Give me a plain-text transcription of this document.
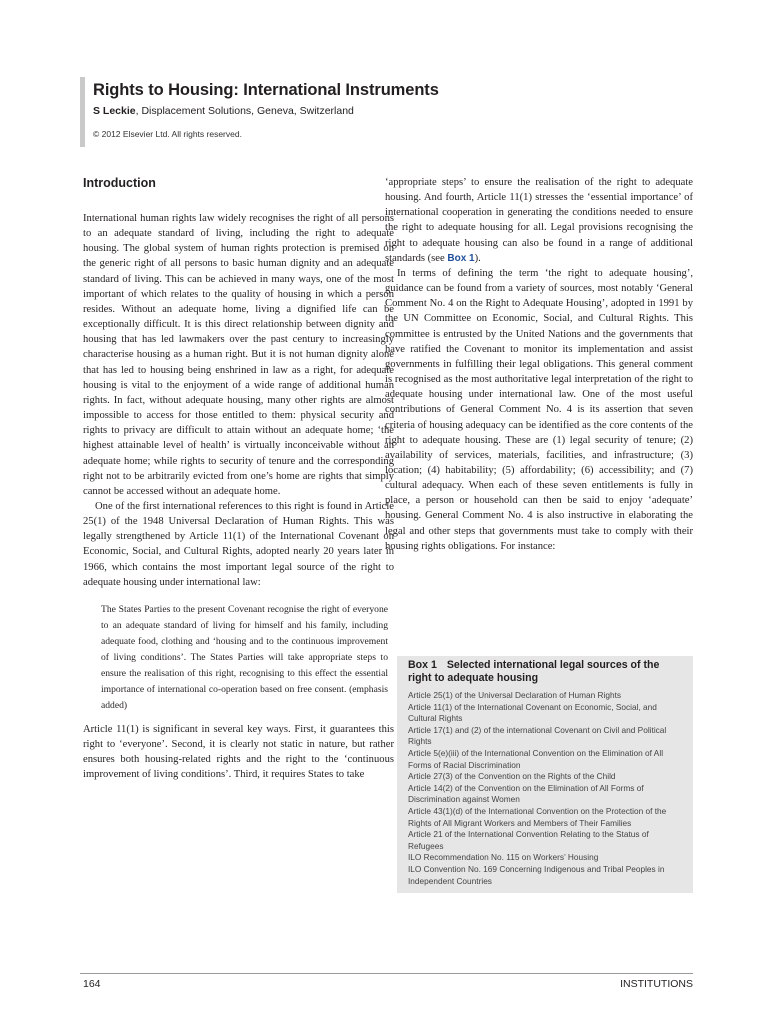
Rights to Housing: International Instruments
S Leckie, Displacement Solutions, Geneva, Switzerland
© 2012 Elsevier Ltd. All rights reserved.
Introduction

International human rights law widely recognises the right of all persons to an adequate standard of living, including the right to adequate housing. The global system of human rights protection is premised on the generic right of all persons to basic human dignity and an adequate standard of living. This can be achieved in many ways, one of the most important of which relates to the quality of housing in which a person resides. Without an adequate home, living a dignified life can be exceptionally difficult. It is this direct relationship between dignity and housing that has led lawmakers over the past century to increasingly characterise housing as a human right. But it is not human dignity alone that has led to housing being enshrined in law as a right, for adequate housing is vital to the enjoyment of a wide range of additional human rights. In fact, without adequate housing, many other rights are almost impossible to access for those entitled to them: physical security and rights to privacy are difficult to attain without an adequate home; ‘the highest attainable level of health’ is virtually inconceivable without an adequate home; while rights to security of tenure and the corresponding right not to be arbitrarily evicted from one’s home are rights that simply cannot be accessed without an adequate home.

One of the first international references to this right is found in Article 25(1) of the 1948 Universal Declaration of Human Rights. This was legally strengthened by Article 11(1) of the International Covenant on Economic, Social, and Cultural Rights, adopted nearly 20 years later in 1966, which contains the most important legal source of the right to adequate housing under international law:

The States Parties to the present Covenant recognise the right of everyone to an adequate standard of living for himself and his family, including adequate food, clothing and ‘housing and to the continuous improvement of living conditions’. The States Parties will take appropriate steps to ensure the realisation of this right, recognising to this effect the essential importance of international co-operation based on free consent. (emphasis added)

Article 11(1) is significant in several key ways. First, it guarantees this right to ‘everyone’. Second, it is clearly not static in nature, but rather ensures both housing-related rights and the right to the ‘continuous improvement of living conditions’. Third, it requires States to take

‘appropriate steps’ to ensure the realisation of the right to adequate housing. And fourth, Article 11(1) stresses the ‘essential importance’ of international cooperation in generating the conditions needed to ensure the right to adequate housing for all. Legal provisions recognising the right to adequate housing can also be found in a range of additional standards (see Box 1).

In terms of defining the term ‘the right to adequate housing’, guidance can be found from a variety of sources, most notably ‘General Comment No. 4 on the Right to Adequate Housing’, adopted in 1991 by the UN Committee on Economic, Social, and Cultural Rights. This committee is entrusted by the United Nations and the governments that have ratified the Covenant to monitor its implementation and assist governments in fulfilling their legal obligations. This general comment is recognised as the most authoritative legal interpretation of the right to adequate housing under international law. One of the most useful contributions of General Comment No. 4 is its assertion that seven criteria of housing adequacy can be identified as the core contents of the right to adequate housing. These are (1) legal security of tenure; (2) availability of services, materials, facilities, and infrastructure; (3) location; (4) habitability; (5) affordability; (6) accessibility; and (7) cultural adequacy. When each of these seven entitlements is fully in place, a person or household can then be said to enjoy ‘adequate’ housing. General Comment No. 4 is also instructive in elaborating the legal and other steps that governments must take to comply with their housing rights obligations. For instance:

Box 1 Selected international legal sources of the right to adequate housing
Article 25(1) of the Universal Declaration of Human Rights
Article 11(1) of the International Covenant on Economic, Social, and Cultural Rights
Article 17(1) and (2) of the international Covenant on Civil and Political Rights
Article 5(e)(iii) of the International Convention on the Elimination of All Forms of Racial Discrimination
Article 27(3) of the Convention on the Rights of the Child
Article 14(2) of the Convention on the Elimination of All Forms of Discrimination against Women
Article 43(1)(d) of the International Convention on the Protection of the Rights of All Migrant Workers and Members of Their Families
Article 21 of the International Convention Relating to the Status of Refugees
ILO Recommendation No. 115 on Workers’ Housing
ILO Convention No. 169 Concerning Indigenous and Tribal Peoples in Independent Countries
164	INSTITUTIONS
